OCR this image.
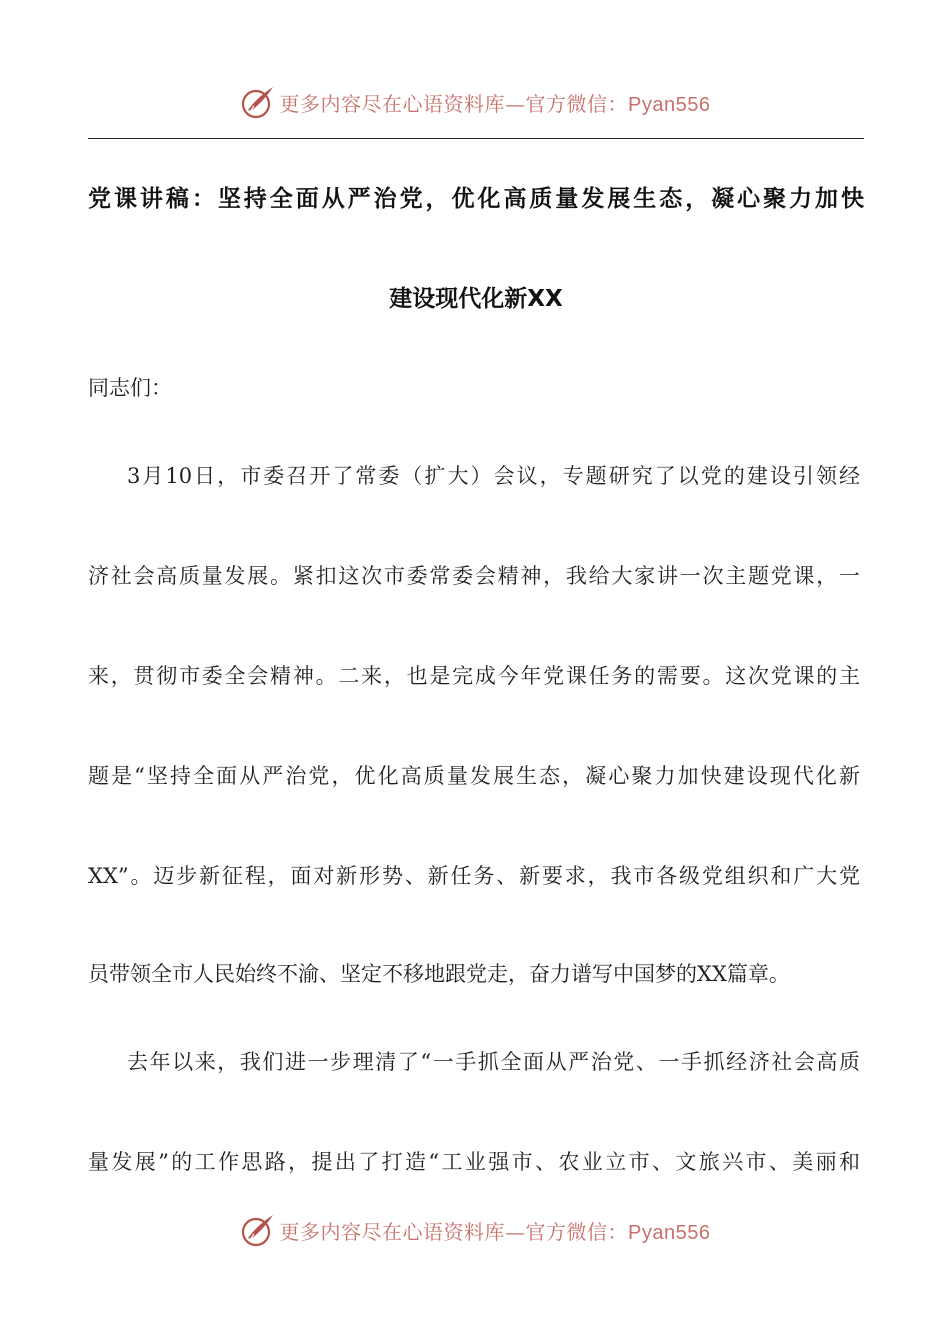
更多内容尽在心语资料库—官方微信：Pyan556
党课讲稿：坚持全面从严治党，优化高质量发展生态，凝心聚力加快
建设现代化新XX
同志们：
3月10日，市委召开了常委（扩大）会议，专题研究了以党的建设引领经
济社会高质量发展。紧扣这次市委常委会精神，我给大家讲一次主题党课，一
来，贯彻市委全会精神。二来，也是完成今年党课任务的需要。这次党课的主
题是“坚持全面从严治党，优化高质量发展生态，凝心聚力加快建设现代化新
XX”。迈步新征程，面对新形势、新任务、新要求，我市各级党组织和广大党
员带领全市人民始终不渝、坚定不移地跟党走，奋力谱写中国梦的XX篇章。
去年以来，我们进一步理清了“一手抓全面从严治党、一手抓经济社会高质
量发展”的工作思路，提出了打造“工业强市、农业立市、文旅兴市、美丽和
更多内容尽在心语资料库—官方微信：Pyan556
